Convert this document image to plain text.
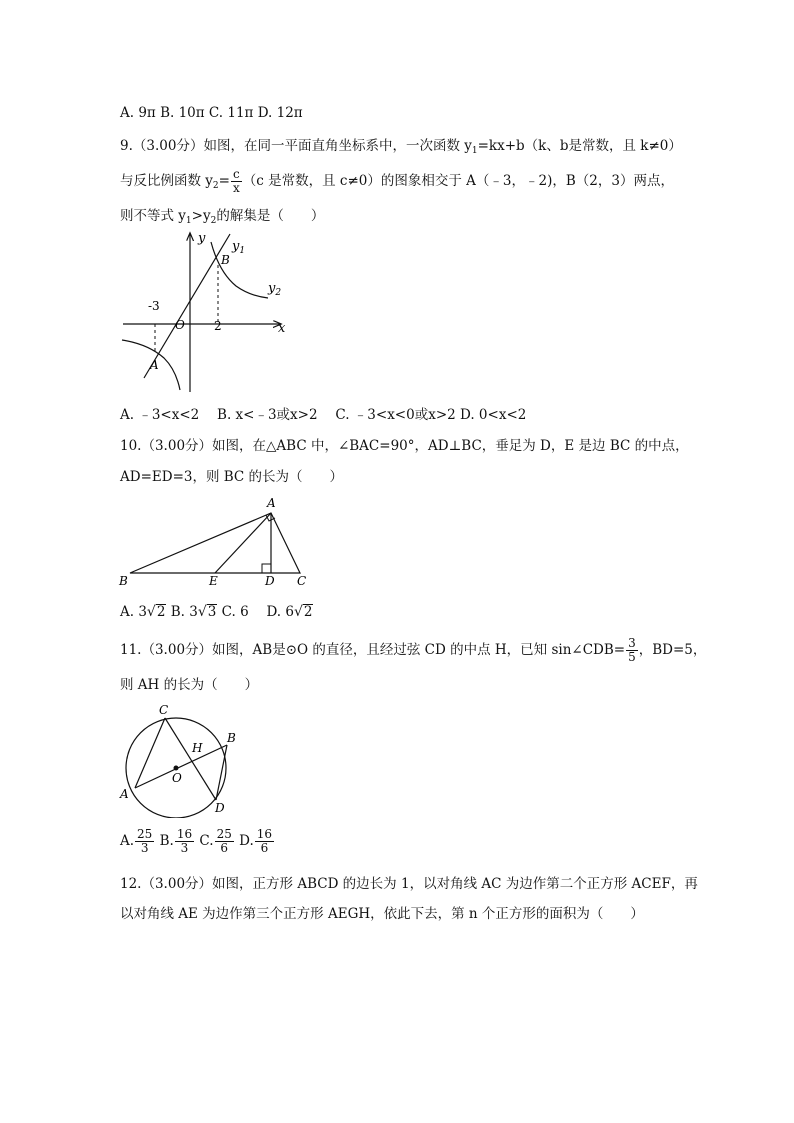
A. 9π B. 10π C. 11π D. 12π
9.（3.00分）如图，在同一平面直角坐标系中，一次函数 $y_1=kx+b(k$、b是常数，且 k≠0）
与反比例函数 $y_2= \frac{c}{x} (c$ 是常数，且 c≠0）的图象相交于 A（﹣3，﹣2)，B（2，3）两点，
则不等式 $y_1>y_2$的解集是（　　）
y
x
$y_1$
$y_2$
B
A
O
-3
2
A. ﹣3<x<2　 B. x<﹣3或x>2　 C. ﹣3<x<0或x>2 D. 0<x<2
10.（3.00分）如图，在△ABC 中，∠BAC=90°，AD⊥BC，垂足为 D，E 是边 BC 的中点，
AD=ED=3，则 BC 的长为（　　）
A
B	C
D
E
A. 3√2 B. 3√3 C. 6　 D. 6√2
11.（3.00分）如图，AB是⊙O 的直径，且经过弦 CD 的中点 H，已知 sin∠CDB= $\frac{3}{5}$ ，BD=5，
则 AH 的长为（　　）
C
B
A
D
H
O
A. $\frac{25}{3} B$. $\frac{16}{3} C$. $\frac{25}{6} D$. $\frac{16}{6}$
12.（3.00分）如图，正方形 ABCD 的边长为 1，以对角线 AC 为边作第二个正方形 ACEF，再
以对角线 AE 为边作第三个正方形 AEGH，依此下去，第 n 个正方形的面积为（　　）
